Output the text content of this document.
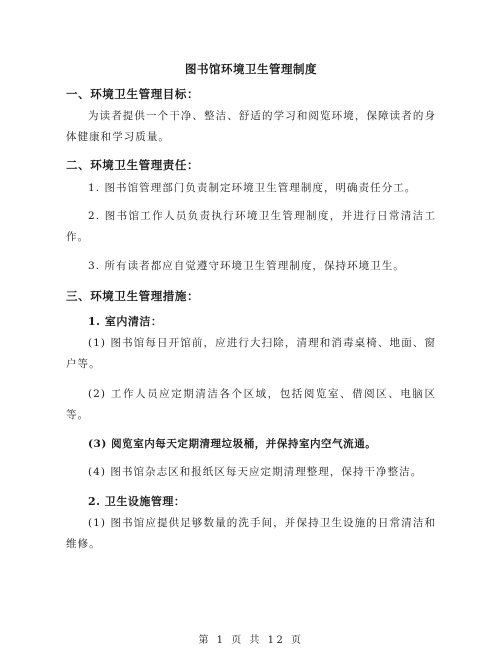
图书馆环境卫生管理制度
一、环境卫生管理目标：
为读者提供一个干净、整洁、舒适的学习和阅览环境，保障读者的身体健康和学习质量。
二、环境卫生管理责任：
1. 图书馆管理部门负责制定环境卫生管理制度，明确责任分工。
2. 图书馆工作人员负责执行环境卫生管理制度，并进行日常清洁工作。
3. 所有读者都应自觉遵守环境卫生管理制度，保持环境卫生。
三、环境卫生管理措施：
1. 室内清洁：
(1) 图书馆每日开馆前，应进行大扫除，清理和消毒桌椅、地面、窗户等。
(2) 工作人员应定期清洁各个区域，包括阅览室、借阅区、电脑区等。
(3) 阅览室内每天定期清理垃圾桶，并保持室内空气流通。
(4) 图书馆杂志区和报纸区每天应定期清理整理，保持干净整洁。
2. 卫生设施管理：
(1) 图书馆应提供足够数量的洗手间，并保持卫生设施的日常清洁和维修。
第 1 页 共 12 页
